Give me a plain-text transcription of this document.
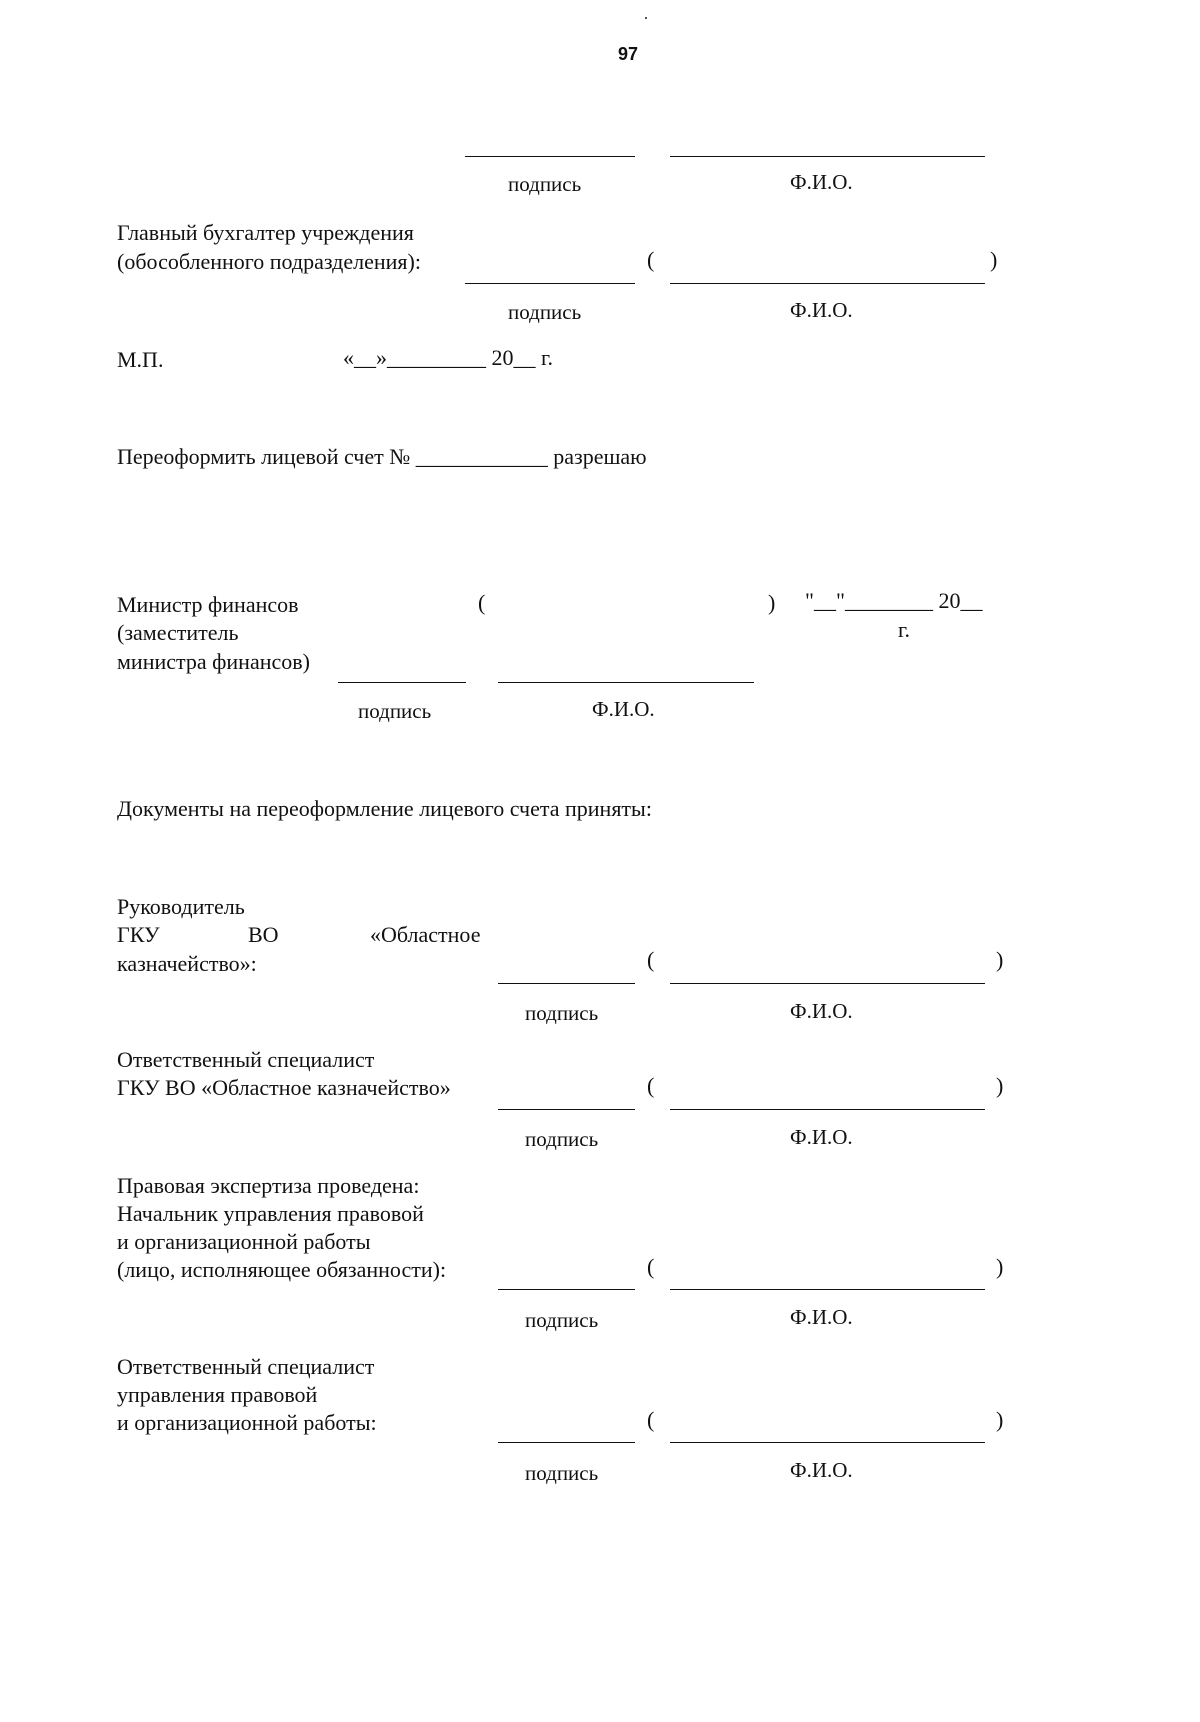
97
подпись	Ф.И.О.
Главный бухгалтер учреждения
(обособленного подразделения):	(	)
подпись	Ф.И.О.
М.П.	«__»_________ 20__ г.
Переоформить лицевой счет № ____________ разрешаю
Министр финансов
(заместитель
министра финансов)
(	) "__"________ 20__
г.
подпись	Ф.И.О.
Документы на переоформление лицевого счета приняты:
Руководитель
ГКУ	ВО	«Областное
казначейство»:	(	)
подпись	Ф.И.О.
Ответственный специалист
ГКУ ВО «Областное казначейство»	(	)
подпись	Ф.И.О.
Правовая экспертиза проведена:
Начальник управления правовой
и организационной работы
(лицо, исполняющее обязанности):	(	)
подпись	Ф.И.О.
Ответственный специалист
управления правовой
и организационной работы:	(	)
подпись	Ф.И.О.
